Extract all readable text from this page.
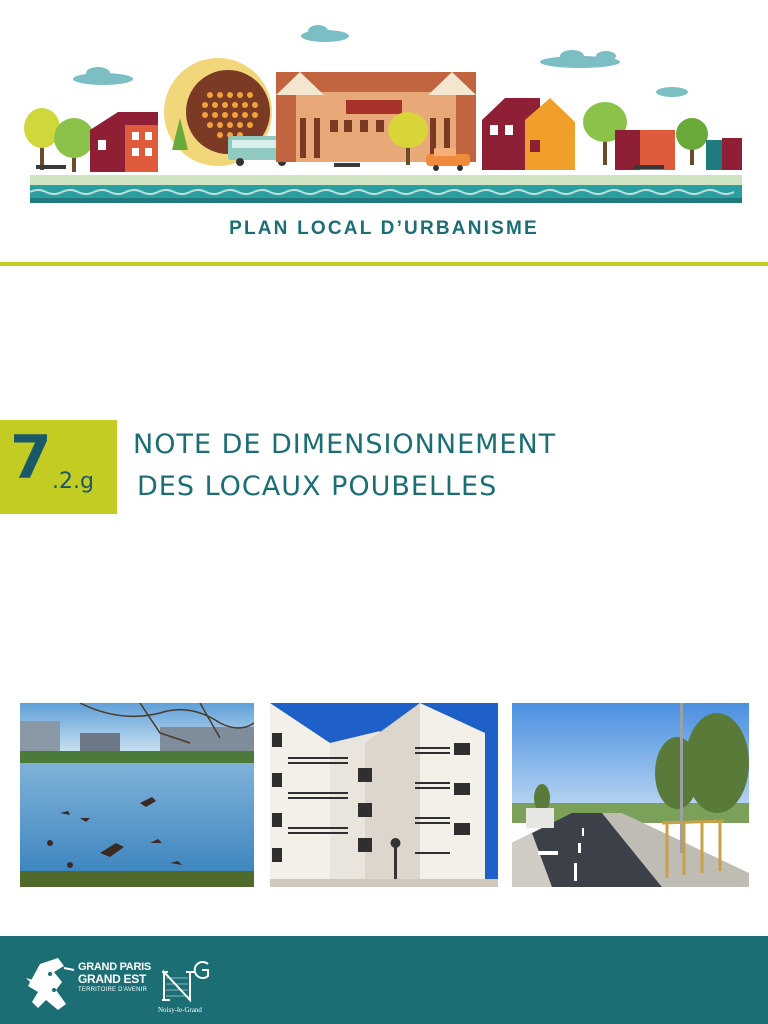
PLAN LOCAL D’URBANISME
7 .2.g
NOTE DE DIMENSIONNEMENT
DES LOCAUX POUBELLES
GRAND PARIS
GRAND EST
TERRITOIRE D'AVENIR
Noisy-le-Grand
